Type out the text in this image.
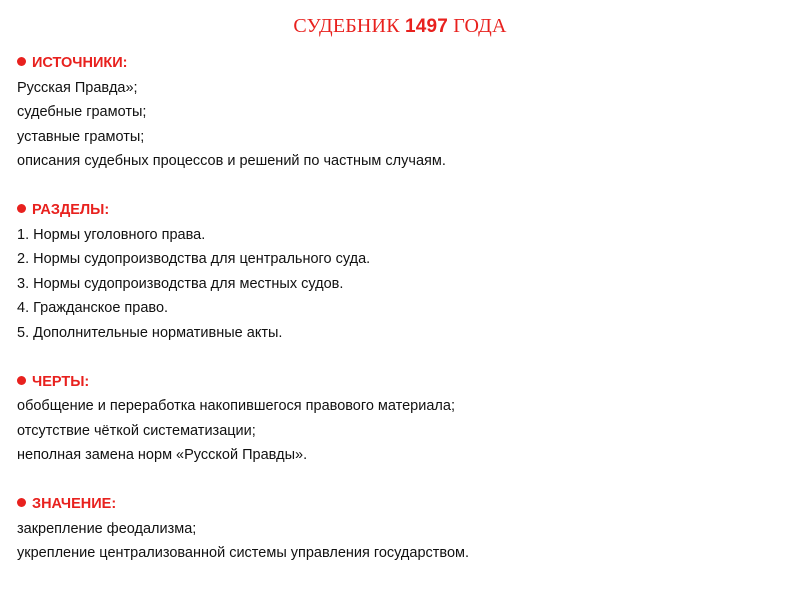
СУДЕБНИК 1497 ГОДА
ИСТОЧНИКИ:
Русская Правда»;
судебные грамоты;
уставные грамоты;
описания судебных процессов и решений по частным случаям.
РАЗДЕЛЫ:
1. Нормы уголовного права.
2. Нормы судопроизводства для центрального суда.
3. Нормы судопроизводства для местных судов.
4. Гражданское право.
5. Дополнительные нормативные акты.
ЧЕРТЫ:
обобщение и переработка накопившегося правового материала;
отсутствие чёткой систематизации;
неполная замена норм «Русской Правды».
ЗНАЧЕНИЕ:
закрепление феодализма;
укрепление централизованной системы управления государством.
